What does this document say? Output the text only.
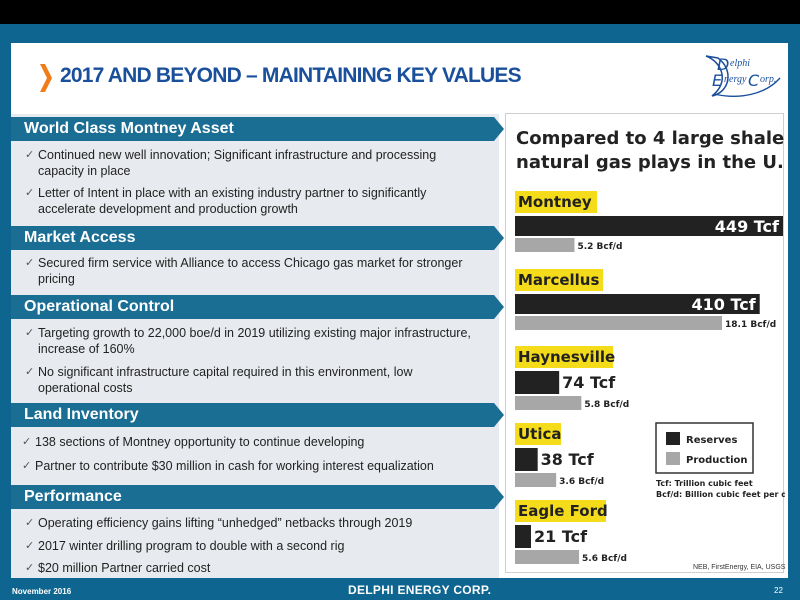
2017 AND BEYOND – MAINTAINING KEY VALUES	D
E C
elphi
nergy orp.
World Class Montney Asset
✓ Continued new well innovation; Significant infrastructure and processing capacity in place
✓ Letter of Intent in place with an existing industry partner to significantly accelerate development and production growth
Market Access
✓ Secured firm service with Alliance to access Chicago gas market for stronger pricing
Operational Control
✓ Targeting growth to 22,000 boe/d in 2019 utilizing existing major infrastructure, increase of 160%
✓ No significant infrastructure capital required in this environment, low operational costs
Land Inventory
✓ 138 sections of Montney opportunity to continue developing
✓ Partner to contribute $30 million in cash for working interest equalization
Performance
✓ Operating efficiency gains lifting “unhedged” netbacks through 2019
✓ 2017 winter drilling program to double with a second rig
✓ $20 million Partner carried cost
Compared to 4 large shale
natural gas plays in the U.S
Montney
449 Tcf
5.2 Bcf/d
Marcellus
410 Tcf
18.1 Bcf/d
Haynesville
74 Tcf
5.8 Bcf/d
Utica
38 Tcf
3.6 Bcf/d
Eagle Ford
21 Tcf
5.6 Bcf/d
Reserves
Production
Tcf: Trillion cubic feet
Bcf/d: Billion cubic feet per day
NEB, FirstEnergy, EIA, USGS
November 2016	DELPHI ENERGY CORP.	22
